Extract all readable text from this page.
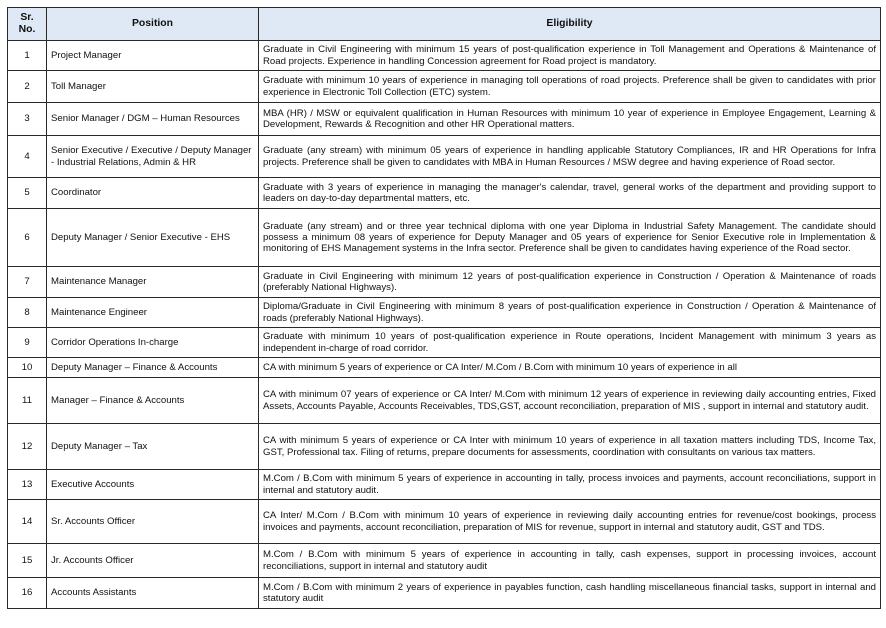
Sr. No.	Position	Eligibility
1	Project Manager	Graduate in Civil Engineering with minimum 15 years of post-qualification experience in Toll Management and Operations & Maintenance of Road projects. Experience in handling Concession agreement for Road project is mandatory.
2	Toll Manager	Graduate with minimum 10 years of experience in managing toll operations of road projects. Preference shall be given to candidates with prior experience in Electronic Toll Collection (ETC) system.
3	Senior Manager / DGM – Human Resources	MBA (HR) / MSW or equivalent qualification in Human Resources with minimum 10 year of experience in Employee Engagement, Learning & Development, Rewards & Recognition and other HR Operational matters.
4	Senior Executive / Executive / Deputy Manager - Industrial Relations, Admin & HR	Graduate (any stream) with minimum 05 years of experience in handling applicable Statutory Compliances, IR and HR Operations for Infra projects. Preference shall be given to candidates with MBA in Human Resources / MSW degree and having experience of Road sector.
5	Coordinator	Graduate with 3 years of experience in managing the manager's calendar, travel, general works of the department and providing support to leaders on day-to-day departmental matters, etc.
6	Deputy Manager / Senior Executive - EHS	Graduate (any stream) and or three year technical diploma with one year Diploma in Industrial Safety Management. The candidate should possess a minimum 08 years of experience for Deputy Manager and 05 years of experience for Senior Executive role in Implementation & monitoring of EHS Management systems in the Infra sector. Preference shall be given to candidates having experience of the Road sector.
7	Maintenance Manager	Graduate in Civil Engineering with minimum 12 years of post-qualification experience in Construction / Operation & Maintenance of roads (preferably National Highways).
8	Maintenance Engineer	Diploma/Graduate in Civil Engineering with minimum 8 years of post-qualification experience in Construction / Operation & Maintenance of roads (preferably National Highways).
9	Corridor Operations In-charge	Graduate with minimum 10 years of post-qualification experience in Route operations, Incident Management with minimum 3 years as independent in-charge of road corridor.
10	Deputy Manager – Finance & Accounts	CA with minimum 5 years of experience or CA Inter/ M.Com / B.Com with minimum 10 years of experience in all
11	Manager – Finance & Accounts	CA with minimum 07 years of experience or CA Inter/ M.Com with minimum 12 years of experience in reviewing daily accounting entries, Fixed Assets, Accounts Payable, Accounts Receivables, TDS,GST, account reconciliation, preparation of MIS , support in internal and statutory audit.
12	Deputy Manager – Tax	CA with minimum 5 years of experience or CA Inter with minimum 10 years of experience in all taxation matters including TDS, Income Tax, GST, Professional tax. Filing of returns, prepare documents for assessments, coordination with consultants on various tax matters.
13	Executive Accounts	M.Com / B.Com with minimum 5 years of experience in accounting in tally, process invoices and payments, account reconciliations, support in internal and statutory audit.
14	Sr. Accounts Officer	CA Inter/ M.Com / B.Com with minimum 10 years of experience in reviewing daily accounting entries for revenue/cost bookings, process invoices and payments, account reconciliation, preparation of MIS for revenue, support in internal and statutory audit, GST and TDS.
15	Jr. Accounts Officer	M.Com / B.Com with minimum 5 years of experience in accounting in tally, cash expenses, support in processing invoices, account reconciliations, support in internal and statutory audit
16	Accounts Assistants	M.Com / B.Com with minimum 2 years of experience in payables function, cash handling miscellaneous financial tasks, support in internal and statutory audit
